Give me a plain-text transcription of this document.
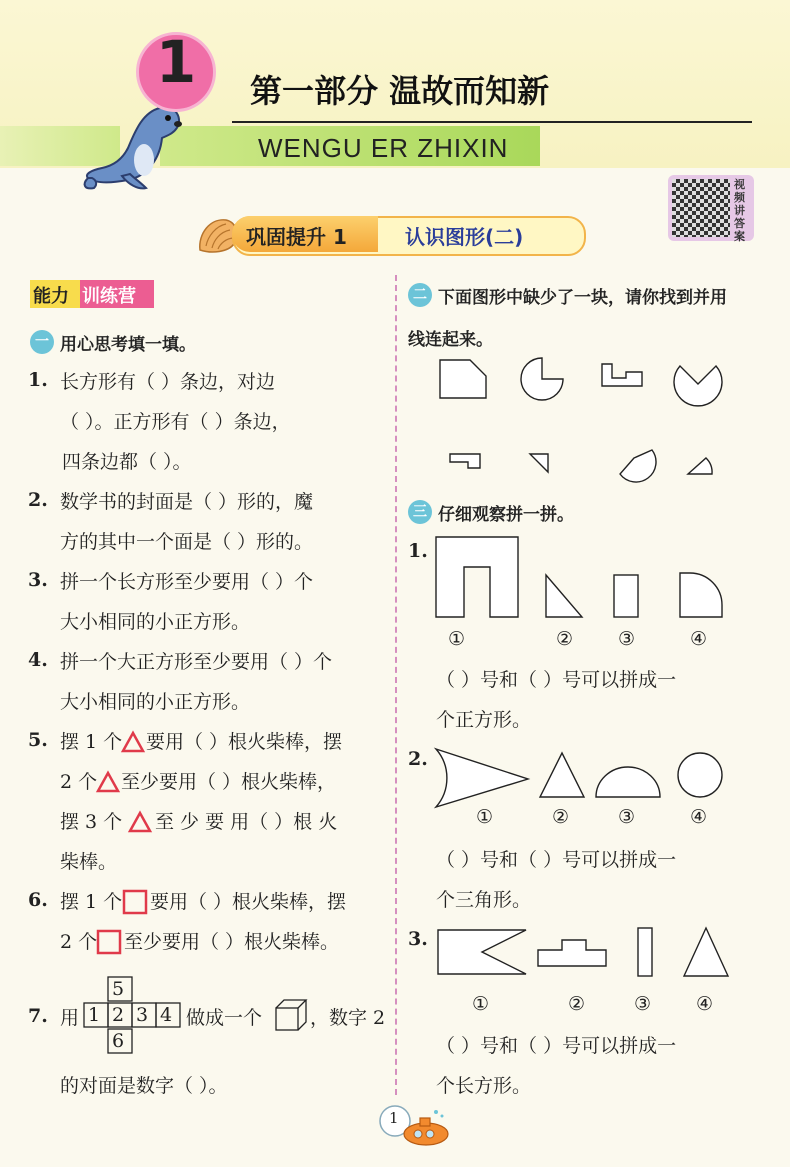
1	第一部分 温故而知新
WENGU ER ZHIXIN
视频讲答案
巩固提升 1	认识图形(二)
能力 训练营
一 用心思考填一填。
1. 长方形有（ ）条边，对边
（ ）。正方形有（ ）条边，
四条边都（ ）。
2. 数学书的封面是（ ）形的，魔
方的其中一个面是（ ）形的。
3. 拼一个长方形至少要用（ ）个
大小相同的小正方形。
4. 拼一个大正方形至少要用（ ）个
大小相同的小正方形。
5. 摆 1 个 要用（ ）根火柴棒，摆
2 个 至少要用（ ）根火柴棒，
摆 3 个 至 少 要 用（ ）根 火
柴棒。
6. 摆 1 个 要用（ ）根火柴棒，摆
2 个 至少要用（ ）根火柴棒。
7. 用
5
1 2 3 4
6
做成一个	，数字 2
的对面是数字（ ）。
二 下面图形中缺少了一块，请你找到并用
线连起来。
三 仔细观察拼一拼。
1.
①	② ③	④
（ ）号和（ ）号可以拼成一
个正方形。
2.
①	②	③	④
（ ）号和（ ）号可以拼成一
个三角形。
3.
①	②	③ ④
（ ）号和（ ）号可以拼成一
个长方形。
1
